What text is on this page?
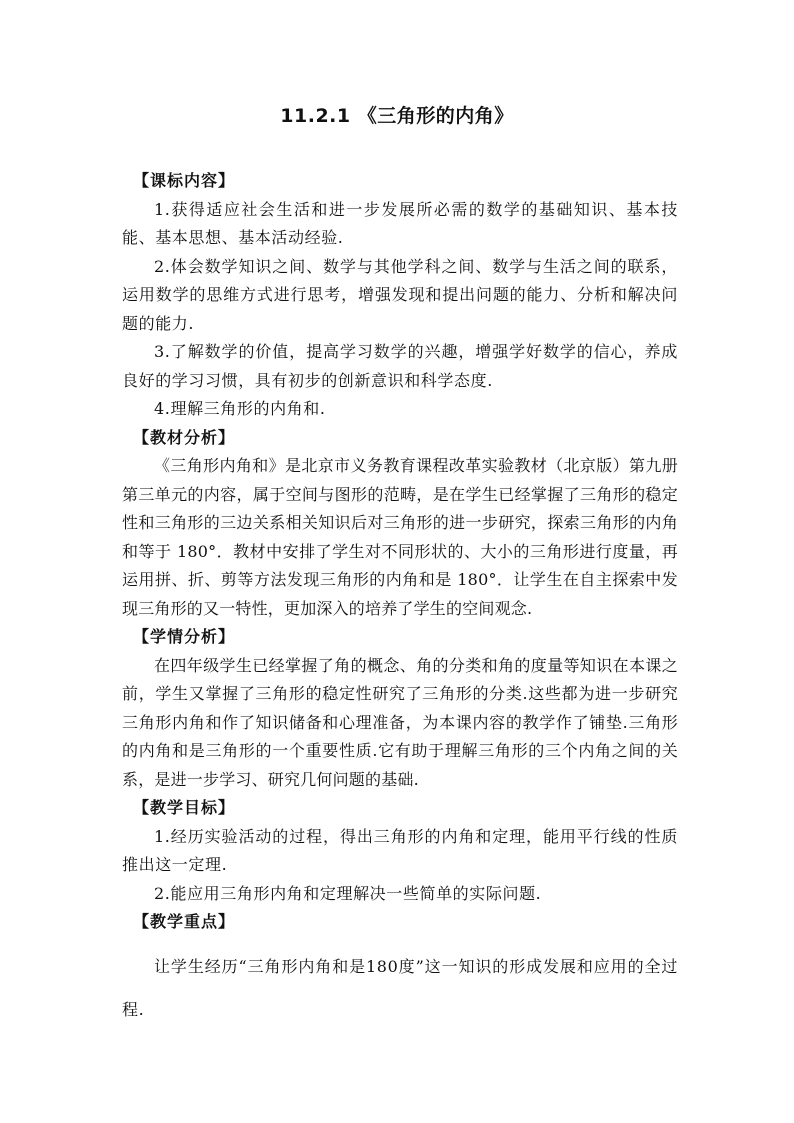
11.2.1 《三角形的内角》

【课标内容】

1.获得适应社会生活和进一步发展所必需的数学的基础知识、基本技能、基本思想、基本活动经验.

2.体会数学知识之间、数学与其他学科之间、数学与生活之间的联系，运用数学的思维方式进行思考，增强发现和提出问题的能力、分析和解决问题的能力.

3.了解数学的价值，提高学习数学的兴趣，增强学好数学的信心，养成良好的学习习惯，具有初步的创新意识和科学态度.

4.理解三角形的内角和.

【教材分析】

《三角形内角和》是北京市义务教育课程改革实验教材（北京版）第九册第三单元的内容，属于空间与图形的范畴，是在学生已经掌握了三角形的稳定性和三角形的三边关系相关知识后对三角形的进一步研究，探索三角形的内角和等于 180°．教材中安排了学生对不同形状的、大小的三角形进行度量，再运用拼、折、剪等方法发现三角形的内角和是 180°．让学生在自主探索中发现三角形的又一特性，更加深入的培养了学生的空间观念.

【学情分析】

在四年级学生已经掌握了角的概念、角的分类和角的度量等知识在本课之前，学生又掌握了三角形的稳定性研究了三角形的分类.这些都为进一步研究三角形内角和作了知识储备和心理准备，为本课内容的教学作了铺垫.三角形的内角和是三角形的一个重要性质.它有助于理解三角形的三个内角之间的关系，是进一步学习、研究几何问题的基础.

【教学目标】

1.经历实验活动的过程，得出三角形的内角和定理，能用平行线的性质推出这一定理.

2.能应用三角形内角和定理解决一些简单的实际问题.

【教学重点】

让学生经历“三角形内角和是180度”这一知识的形成发展和应用的全过程.
